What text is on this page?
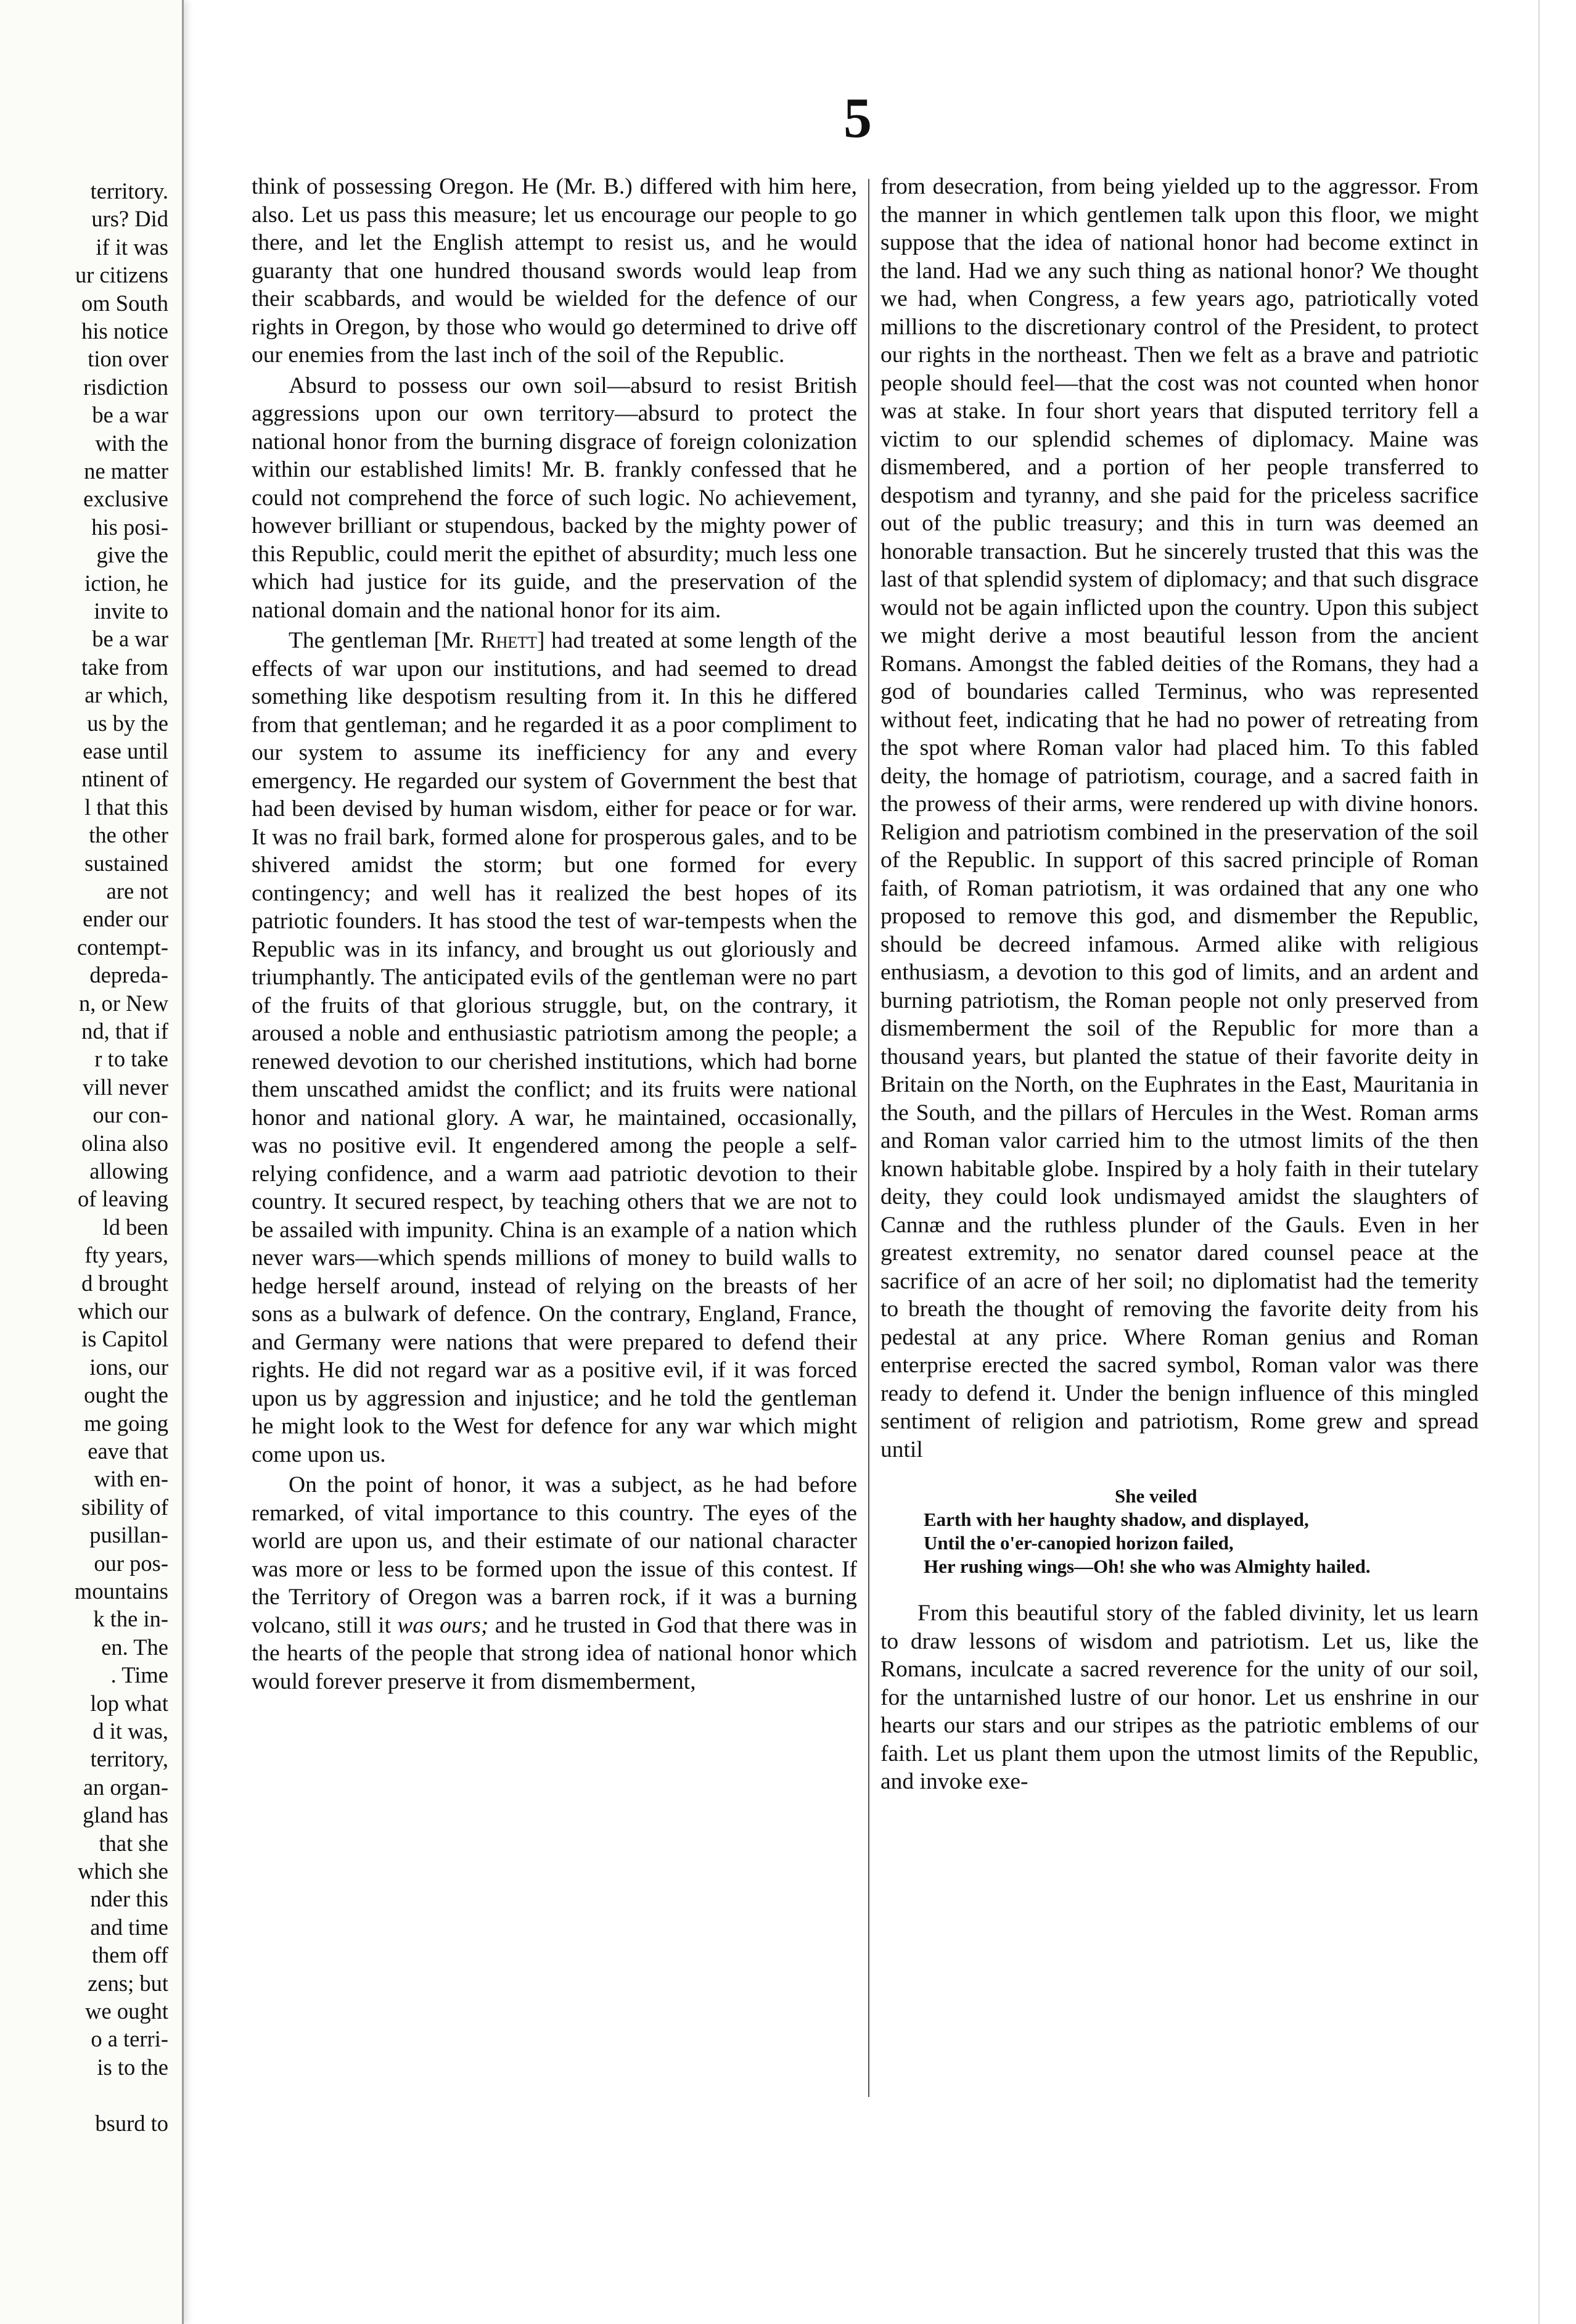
territory.
urs? Did
if it was
ur citizens
om South
his notice
tion over
risdiction
be a war
with the
ne matter
exclusive
his posi-
give the
iction, he
invite to
be a war
take from
ar which,
us by the
ease until
ntinent of
l that this
the other
sustained
are not
ender our
contempt-
depreda-
n, or New
nd, that if
r to take
vill never
our con-
olina also
allowing
of leaving
ld been
fty years,
d brought
which our
is Capitol
ions, our
ought the
me going
eave that
with en-
sibility of
pusillan-
our pos-
mountains
k the in-
en. The
. Time
lop what
d it was,
territory,
an organ-
gland has
that she
which she
nder this
and time
them off
zens; but
we ought
o a terri-
is to the
bsurd to
5

think of possessing Oregon. He (Mr. B.) differed with him here, also. Let us pass this measure; let us encourage our people to go there, and let the English attempt to resist us, and he would guaranty that one hundred thousand swords would leap from their scabbards, and would be wielded for the defence of our rights in Oregon, by those who would go determined to drive off our enemies from the last inch of the soil of the Republic.

Absurd to possess our own soil—absurd to resist British aggressions upon our own territory—absurd to protect the national honor from the burning disgrace of foreign colonization within our established limits! Mr. B. frankly confessed that he could not comprehend the force of such logic. No achievement, however brilliant or stupendous, backed by the mighty power of this Republic, could merit the epithet of absurdity; much less one which had justice for its guide, and the preservation of the national domain and the national honor for its aim.

The gentleman [Mr. Rhett] had treated at some length of the effects of war upon our institutions, and had seemed to dread something like despotism resulting from it. In this he differed from that gentleman; and he regarded it as a poor compliment to our system to assume its inefficiency for any and every emergency. He regarded our system of Government the best that had been devised by human wisdom, either for peace or for war. It was no frail bark, formed alone for prosperous gales, and to be shivered amidst the storm; but one formed for every contingency; and well has it realized the best hopes of its patriotic founders. It has stood the test of war-tempests when the Republic was in its infancy, and brought us out gloriously and triumphantly. The anticipated evils of the gentleman were no part of the fruits of that glorious struggle, but, on the contrary, it aroused a noble and enthusiastic patriotism among the people; a renewed devotion to our cherished institutions, which had borne them unscathed amidst the conflict; and its fruits were national honor and national glory. A war, he maintained, occasionally, was no positive evil. It engendered among the people a self-relying confidence, and a warm aad patriotic devotion to their country. It secured respect, by teaching others that we are not to be assailed with impunity. China is an example of a nation which never wars—which spends millions of money to build walls to hedge herself around, instead of relying on the breasts of her sons as a bulwark of defence. On the contrary, England, France, and Germany were nations that were prepared to defend their rights. He did not regard war as a positive evil, if it was forced upon us by aggression and injustice; and he told the gentleman he might look to the West for defence for any war which might come upon us.

On the point of honor, it was a subject, as he had before remarked, of vital importance to this country. The eyes of the world are upon us, and their estimate of our national character was more or less to be formed upon the issue of this contest. If the Territory of Oregon was a barren rock, if it was a burning volcano, still it was ours; and he trusted in God that there was in the hearts of the people that strong idea of national honor which would forever preserve it from dismemberment,

from desecration, from being yielded up to the aggressor. From the manner in which gentlemen talk upon this floor, we might suppose that the idea of national honor had become extinct in the land. Had we any such thing as national honor? We thought we had, when Congress, a few years ago, patriotically voted millions to the discretionary control of the President, to protect our rights in the northeast. Then we felt as a brave and patriotic people should feel—that the cost was not counted when honor was at stake. In four short years that disputed territory fell a victim to our splendid schemes of diplomacy. Maine was dismembered, and a portion of her people transferred to despotism and tyranny, and she paid for the priceless sacrifice out of the public treasury; and this in turn was deemed an honorable transaction. But he sincerely trusted that this was the last of that splendid system of diplomacy; and that such disgrace would not be again inflicted upon the country. Upon this subject we might derive a most beautiful lesson from the ancient Romans. Amongst the fabled deities of the Romans, they had a god of boundaries called Terminus, who was represented without feet, indicating that he had no power of retreating from the spot where Roman valor had placed him. To this fabled deity, the homage of patriotism, courage, and a sacred faith in the prowess of their arms, were rendered up with divine honors. Religion and patriotism combined in the preservation of the soil of the Republic. In support of this sacred principle of Roman faith, of Roman patriotism, it was ordained that any one who proposed to remove this god, and dismember the Republic, should be decreed infamous. Armed alike with religious enthusiasm, a devotion to this god of limits, and an ardent and burning patriotism, the Roman people not only preserved from dismemberment the soil of the Republic for more than a thousand years, but planted the statue of their favorite deity in Britain on the North, on the Euphrates in the East, Mauritania in the South, and the pillars of Hercules in the West. Roman arms and Roman valor carried him to the utmost limits of the then known habitable globe. Inspired by a holy faith in their tutelary deity, they could look undismayed amidst the slaughters of Cannæ and the ruthless plunder of the Gauls. Even in her greatest extremity, no senator dared counsel peace at the sacrifice of an acre of her soil; no diplomatist had the temerity to breath the thought of removing the favorite deity from his pedestal at any price. Where Roman genius and Roman enterprise erected the sacred symbol, Roman valor was there ready to defend it. Under the benign influence of this mingled sentiment of religion and patriotism, Rome grew and spread until

She veiled
Earth with her haughty shadow, and displayed,
Until the o'er-canopied horizon failed,
Her rushing wings—Oh! she who was Almighty hailed.

From this beautiful story of the fabled divinity, let us learn to draw lessons of wisdom and patriotism. Let us, like the Romans, inculcate a sacred reverence for the unity of our soil, for the untarnished lustre of our honor. Let us enshrine in our hearts our stars and our stripes as the patriotic emblems of our faith. Let us plant them upon the utmost limits of the Republic, and invoke exe-
